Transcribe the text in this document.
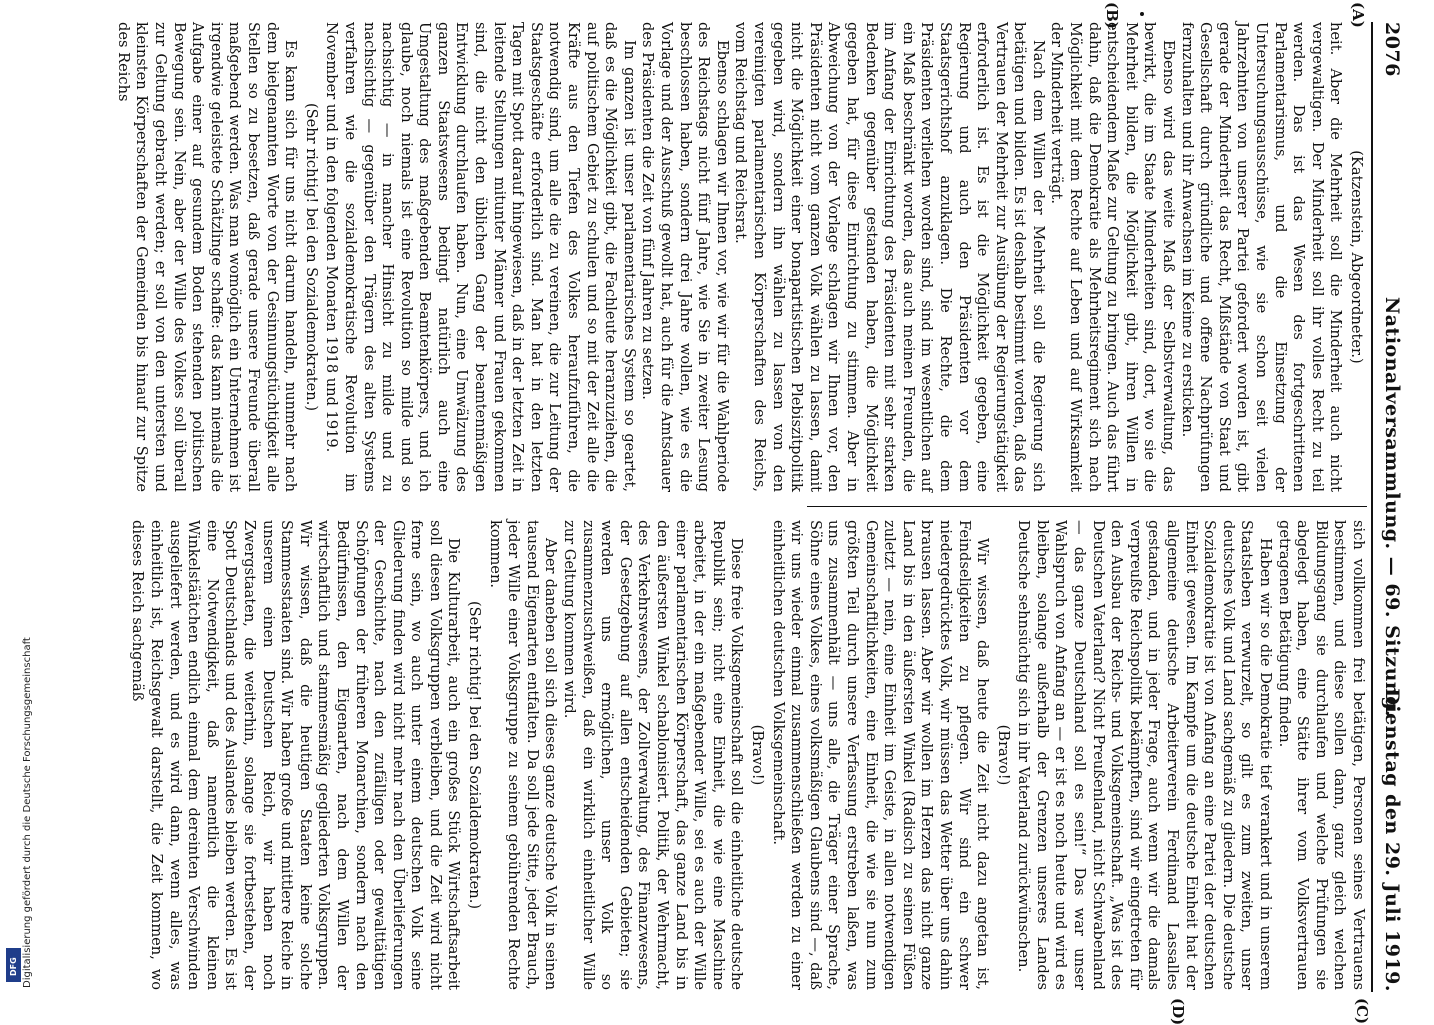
2076
Nationalversammlung. — 69. Sitzung.
Dienstag den 29. Juli 1919.
(A)
(B)
(C)
(D)

(Katzenstein, Abgeordneter.)

heit. Aber die Mehrheit soll die Minderheit auch nicht vergewaltigen. Der Minderheit soll ihr volles Recht zu teil werden. Das ist das Wesen des fortgeschrittenen Parlamentarismus, und die Einsetzung der Untersuchungsausschüsse, wie sie schon seit vielen Jahrzehnten von unserer Partei gefordert worden ist, gibt gerade der Minderheit das Recht, Mißstände von Staat und Gesellschaft durch gründliche und offene Nachprüfungen fernzuhalten und ihr Anwachsen im Keime zu ersticken.

Ebenso wird das weite Maß der Selbstverwaltung, das bewirkt, die im Staate Minderheiten sind, dort, wo sie die Mehrheit bilden, die Möglichkeit gibt, ihren Willen in entscheidendem Maße zur Geltung zu bringen. Auch das führt dahin, daß die Demokratie als Mehrheitsregiment sich nach Möglichkeit mit dem Rechte auf Leben und auf Wirksamkeit der Minderheit verträgt.

Nach dem Willen der Mehrheit soll die Regierung sich betätigen und bilden. Es ist deshalb bestimmt worden, daß das Vertrauen der Mehrheit zur Ausübung der Regierungstätigkeit erforderlich ist. Es ist die Möglichkeit gegeben, eine Regierung und auch den Präsidenten vor dem Staatsgerichtshof anzuklagen. Die Rechte, die dem Präsidenten verliehen worden sind, sind im wesentlichen auf ein Maß beschränkt worden, das auch meinen Freunden, die im Anfang der Einrichtung des Präsidenten mit sehr starken Bedenken gegenüber gestanden haben, die Möglichkeit gegeben hat, für diese Einrichtung zu stimmen. Aber in Abweichung von der Vorlage schlagen wir Ihnen vor, den Präsidenten nicht vom ganzen Volk wählen zu lassen, damit nicht die Möglichkeit einer bonapartistischen Plebiszitpolitik gegeben wird, sondern ihn wählen zu lassen von den vereinigten parlamentarischen Körperschaften des Reichs, vom Reichstag und Reichsrat.

Ebenso schlagen wir Ihnen vor, wie wir für die Wahlperiode des Reichstags nicht fünf Jahre, wie Sie in zweiter Lesung beschlossen haben, sondern drei Jahre wollen, wie es die Vorlage und der Ausschuß gewollt hat, auch für die Amtsdauer des Präsidenten die Zeit von fünf Jahren zu setzen.

Im ganzen ist unser parlamentarisches System so geartet, daß es die Möglichkeit gibt, die Fachleute heranzuziehen, die auf politischem Gebiet zu schulen und so mit der Zeit alle die Kräfte aus den Tiefen des Volkes heraufzuführen, die notwendig sind, um alle die zu vereinen, die zur Leitung der Staatsgeschäfte erforderlich sind. Man hat in den letzten Tagen mit Spott darauf hingewiesen, daß in der letzten Zeit in leitende Stellungen mitunter Männer und Frauen gekommen sind, die nicht den üblichen Gang der beamtenmäßigen Entwicklung durchlaufen haben. Nun, eine Umwälzung des ganzen Staatswesens bedingt natürlich auch eine Umgestaltung des maßgebenden Beamtenkörpers, und ich glaube, noch niemals ist eine Revolution so milde und so nachsichtig — in mancher Hinsicht zu milde und zu nachsichtig — gegenüber den Trägern des alten Systems verfahren wie die sozialdemokratische Revolution im November und in den folgenden Monaten 1918 und 1919.

(Sehr richtig! bei den Sozialdemokraten.)

Es kann sich für uns nicht darum handeln, nunmehr nach dem bielgenannten Worte von der Gesinnungstüchtigkeit alle Stellen so zu besetzen, daß gerade unsere Freunde überall maßgebend werden. Was man womöglich ein Unternehmen ist irgendwie geleistete Schätzlinge schaffe: das kann niemals die Aufgabe einer auf gesundem Boden stehenden politischen Bewegung sein. Nein, aber der Wille des Volkes soll überall zur Geltung gebracht werden; er soll von den untersten und kleinsten Körperschaften der Gemeinden bis hinauf zur Spitze des Reichs

sich vollkommen frei betätigen, Personen seines Vertrauens bestimmen, und diese sollen dann, ganz gleich welchen Bildungsgang sie durchlaufen und welche Prüfungen sie abgelegt haben, eine Stätte ihrer vom Volksvertrauen getragenen Betätigung finden.

Haben wir so die Demokratie tief verankert und in unserem Staatsleben verwurzelt, so gilt es zum zweiten, unser deutsches Volk und Land sachgemäß zu gliedern. Die deutsche Sozialdemokratie ist von Anfang an eine Partei der deutschen Einheit gewesen. Im Kampfe um die deutsche Einheit hat der allgemeine deutsche Arbeiterverein Ferdinand Lassalles gestanden, und in jeder Frage, auch wenn wir die damals verpreußte Reichspolitik bekämpften, sind wir eingetreten für den Ausbau der Reichs- und Volksgemeinschaft. „Was ist des Deutschen Vaterland? Nicht Preußenland, nicht Schwabenland — das ganze Deutschland soll es sein!“ Das war unser Wahlspruch von Anfang an — er ist es noch heute und wird es bleiben, solange außerhalb der Grenzen unseres Landes Deutsche sehnsüchtig sich in ihr Vaterland zurückwünschen.

(Bravo!)

Wir wissen, daß heute die Zeit nicht dazu angetan ist, Feindseligkeiten zu pflegen. Wir sind ein schwer niedergedrücktes Volk, wir müssen das Wetter über uns dahin brausen lassen. Aber wir wollen im Herzen das nicht ganze Land bis in den äußersten Winkel (Radisch zu seinen Füßen zuletzt — nein, eine Einheit im Geiste, in allen notwendigen Gemeinschaftlichkeiten, eine Einheit, die wie sie nun zum größten Teil durch unsere Verfassung erstreben laßen, was uns zusammenhält — uns alle, die Träger einer Sprache, Söhne eines Volkes, eines volksmäßigen Glaubens sind —, daß wir uns wieder einmal zusammenschließen werden zu einer einheitlichen deutschen Volksgemeinschaft.

(Bravo!)

Diese freie Volksgemeinschaft soll die einheitliche deutsche Republik sein; nicht eine Einheit, die wie eine Maschine arbeitet, in der ein maßgebender Wille, sei es auch der Wille einer parlamentarischen Körperschaft, das ganze Land bis in den äußersten Winkel schablonisiert. Politik, der Wehrmacht, des Verkehrswesens, der Zollverwaltung, des Finanzwesens, der Gesetzgebung auf allen entscheidenden Gebieten; sie werden uns ermöglichen, unser Volk so zusammenzuschweißen, daß ein wirklich einheitlicher Wille zur Geltung kommen wird.

Aber daneben soll sich dieses ganze deutsche Volk in seinen tausend Eigenarten entfalten. Da soll jede Sitte, jeder Brauch, jeder Wille einer Volksgruppe zu seinem gebührenden Rechte kommen.

(Sehr richtig! bei den Sozialdemokraten.)

Die Kulturarbeit, auch ein großes Stück Wirtschaftsarbeit soll diesen Volksgruppen verbleiben, und die Zeit wird nicht ferne sein, wo auch unter einem deutschen Volk seine Gliederung finden wird nicht mehr nach den Überlieferungen der Geschichte, nach den zufälligen oder gewalttätigen Schöpfungen der früheren Monarchien, sondern nach den Bedürfnissen, den Eigenarten, nach dem Willen der wirtschaftlich und stammesmäßig gegliederten Volksgruppen. Wir wissen, daß die heutigen Staaten keine solche Stammesstaaten sind. Wir haben große und mittlere Reiche in unserem einen Deutschen Reich, wir haben noch Zwergstaaten, die weiterhin, solange sie fortbestehen, der Spott Deutschlands und des Auslandes bleiben werden. Es ist eine Notwendigkeit, daß namentlich die kleinen Winkelstäätchen endlich einmal dem dereinten Verschwinden ausgeliefert werden, und es wird dann, wenn alles, was einheitlich ist, Reichsgewalt darstellt, die Zeit kommen, wo dieses Reich sachgemäß

Digitalisierung gefördert durch die Deutsche Forschungsgemeinschaft
DFG
